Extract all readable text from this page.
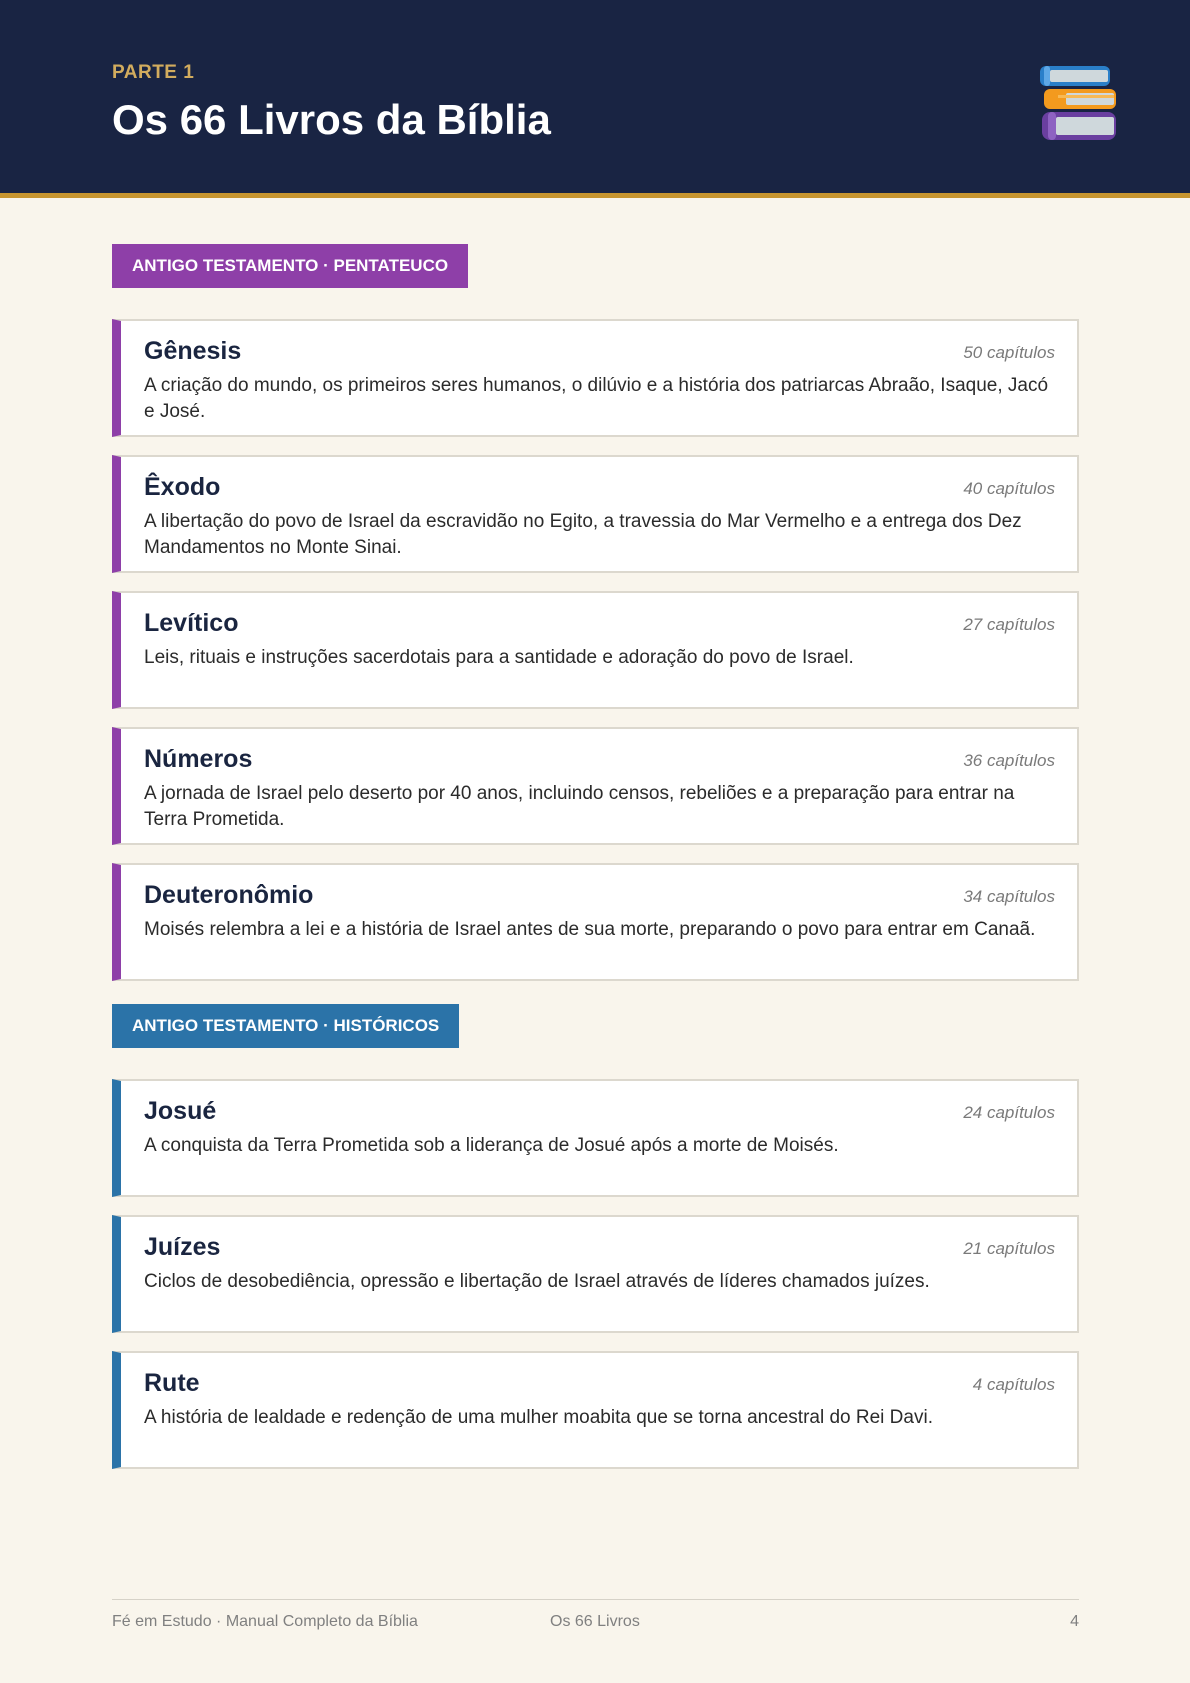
PARTE 1
Os 66 Livros da Bíblia
ANTIGO TESTAMENTO · PENTATEUCO
Gênesis	50 capítulos
A criação do mundo, os primeiros seres humanos, o dilúvio e a história dos patriarcas Abraão, Isaque, Jacó e José.
Êxodo	40 capítulos
A libertação do povo de Israel da escravidão no Egito, a travessia do Mar Vermelho e a entrega dos Dez Mandamentos no Monte Sinai.
Levítico	27 capítulos
Leis, rituais e instruções sacerdotais para a santidade e adoração do povo de Israel.
Números	36 capítulos
A jornada de Israel pelo deserto por 40 anos, incluindo censos, rebeliões e a preparação para entrar na Terra Prometida.
Deuteronômio	34 capítulos
Moisés relembra a lei e a história de Israel antes de sua morte, preparando o povo para entrar em Canaã.
ANTIGO TESTAMENTO · HISTÓRICOS
Josué	24 capítulos
A conquista da Terra Prometida sob a liderança de Josué após a morte de Moisés.
Juízes	21 capítulos
Ciclos de desobediência, opressão e libertação de Israel através de líderes chamados juízes.
Rute	4 capítulos
A história de lealdade e redenção de uma mulher moabita que se torna ancestral do Rei Davi.
Fé em Estudo · Manual Completo da Bíblia	Os 66 Livros	4
